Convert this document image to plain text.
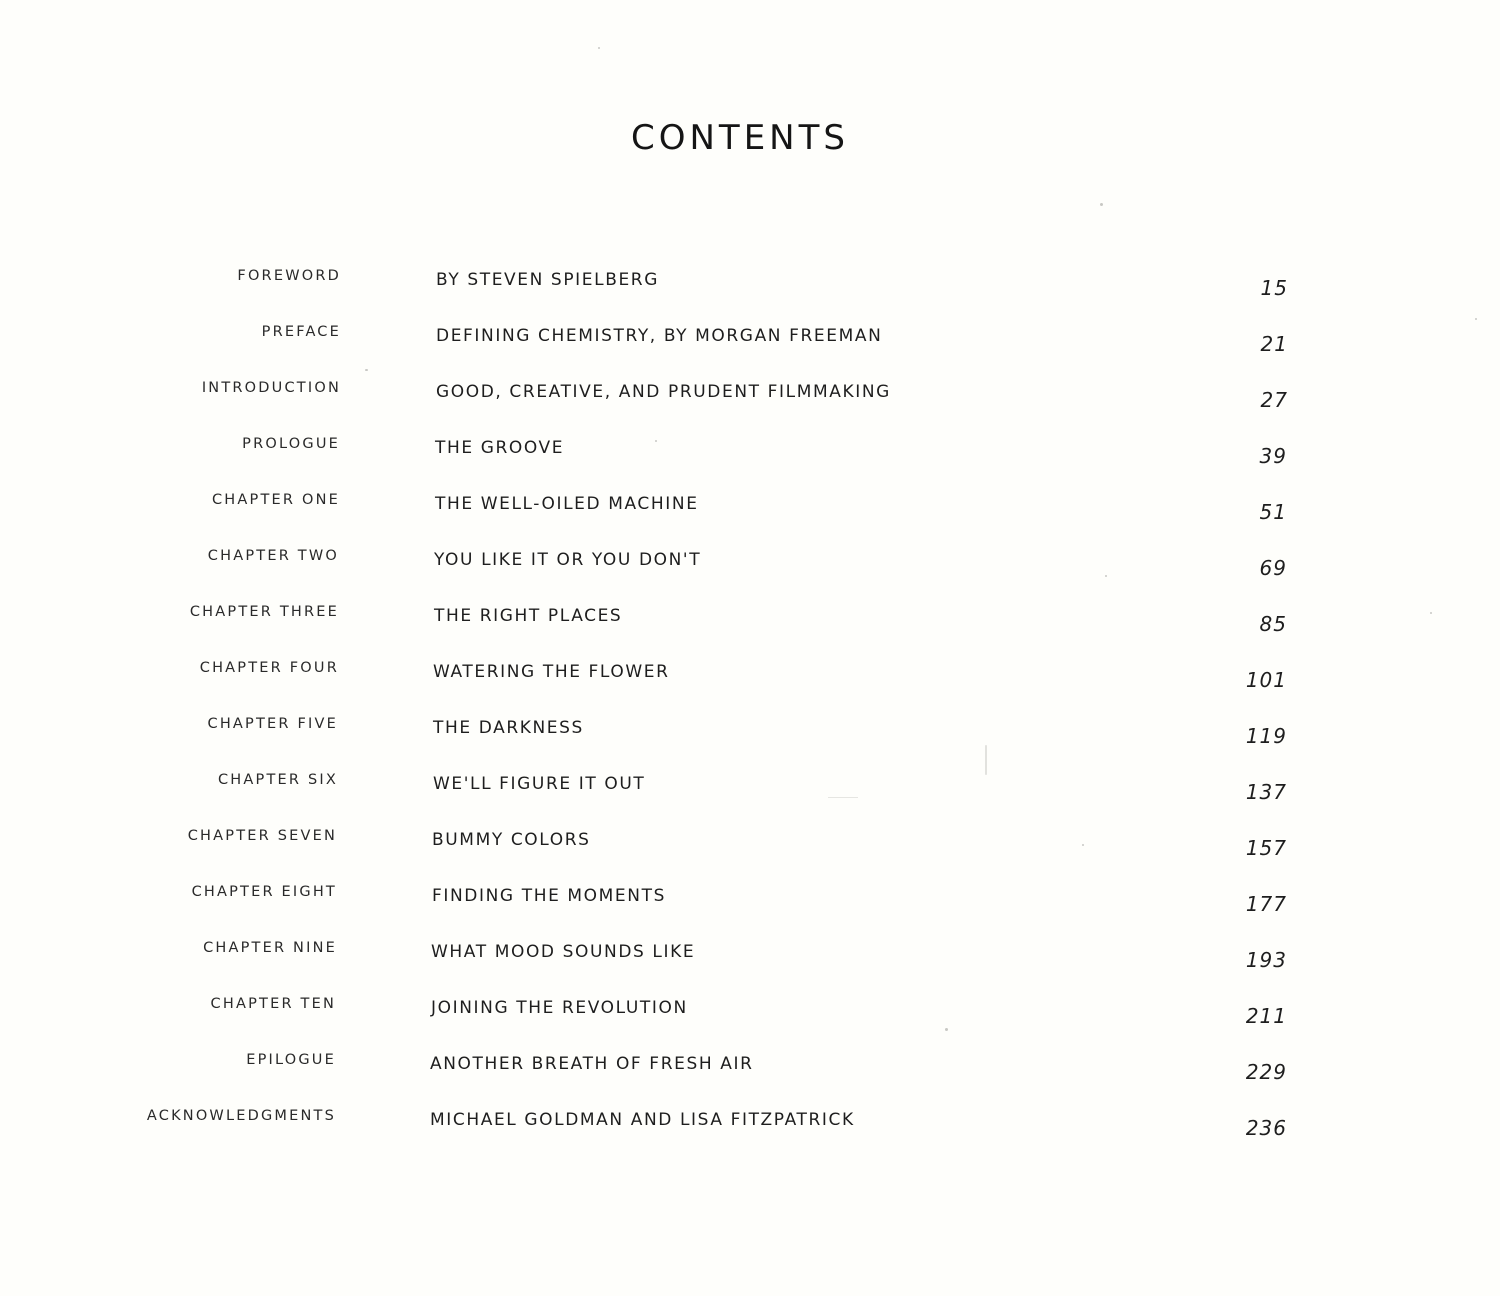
CONTENTS
FOREWORD	BY STEVEN SPIELBERG	15
PREFACE	DEFINING CHEMISTRY, BY MORGAN FREEMAN	21
INTRODUCTION	GOOD, CREATIVE, AND PRUDENT FILMMAKING	27
PROLOGUE	THE GROOVE	39
CHAPTER ONE	THE WELL-OILED MACHINE	51
CHAPTER TWO	YOU LIKE IT OR YOU DON'T	69
CHAPTER THREE	THE RIGHT PLACES	85
CHAPTER FOUR	WATERING THE FLOWER	101
CHAPTER FIVE	THE DARKNESS	119
CHAPTER SIX	WE'LL FIGURE IT OUT	137
CHAPTER SEVEN	BUMMY COLORS	157
CHAPTER EIGHT	FINDING THE MOMENTS	177
CHAPTER NINE	WHAT MOOD SOUNDS LIKE	193
CHAPTER TEN	JOINING THE REVOLUTION	211
EPILOGUE	ANOTHER BREATH OF FRESH AIR	229
ACKNOWLEDGMENTS	MICHAEL GOLDMAN AND LISA FITZPATRICK	236
